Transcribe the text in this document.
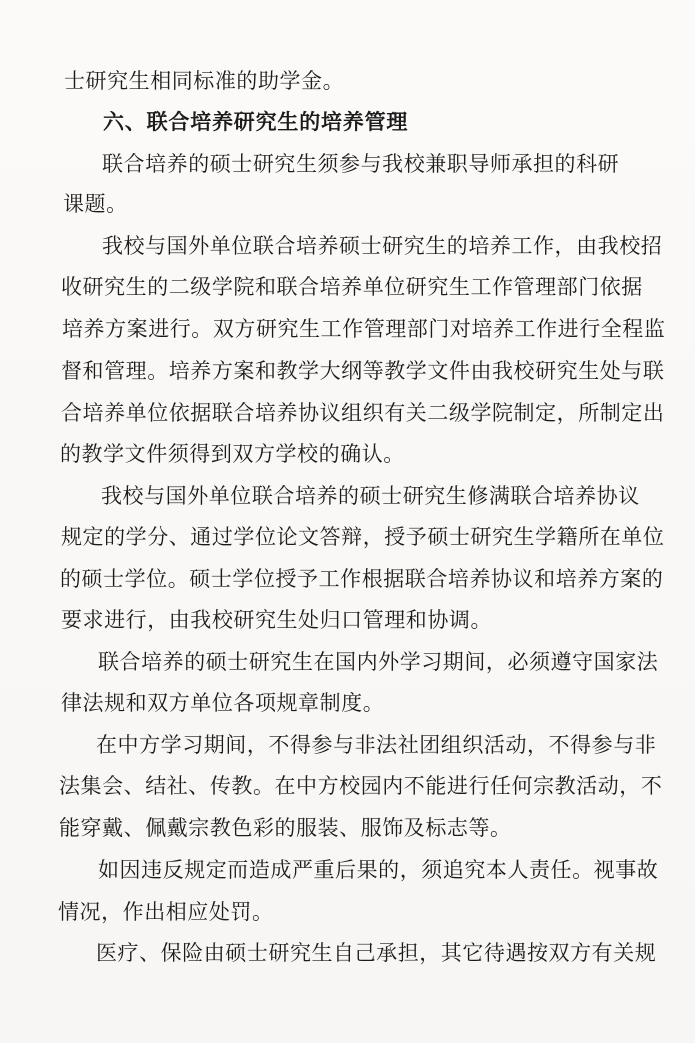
士研究生相同标准的助学金。

六、联合培养研究生的培养管理

联合培养的硕士研究生须参与我校兼职导师承担的科研

课题。

我校与国外单位联合培养硕士研究生的培养工作，由我校招

收研究生的二级学院和联合培养单位研究生工作管理部门依据

培养方案进行。双方研究生工作管理部门对培养工作进行全程监

督和管理。培养方案和教学大纲等教学文件由我校研究生处与联

合培养单位依据联合培养协议组织有关二级学院制定，所制定出

的教学文件须得到双方学校的确认。

我校与国外单位联合培养的硕士研究生修满联合培养协议

规定的学分、通过学位论文答辩，授予硕士研究生学籍所在单位

的硕士学位。硕士学位授予工作根据联合培养协议和培养方案的

要求进行，由我校研究生处归口管理和协调。

联合培养的硕士研究生在国内外学习期间，必须遵守国家法

律法规和双方单位各项规章制度。

在中方学习期间，不得参与非法社团组织活动，不得参与非

法集会、结社、传教。在中方校园内不能进行任何宗教活动，不

能穿戴、佩戴宗教色彩的服装、服饰及标志等。

如因违反规定而造成严重后果的，须追究本人责任。视事故

情况，作出相应处罚。

医疗、保险由硕士研究生自己承担，其它待遇按双方有关规
